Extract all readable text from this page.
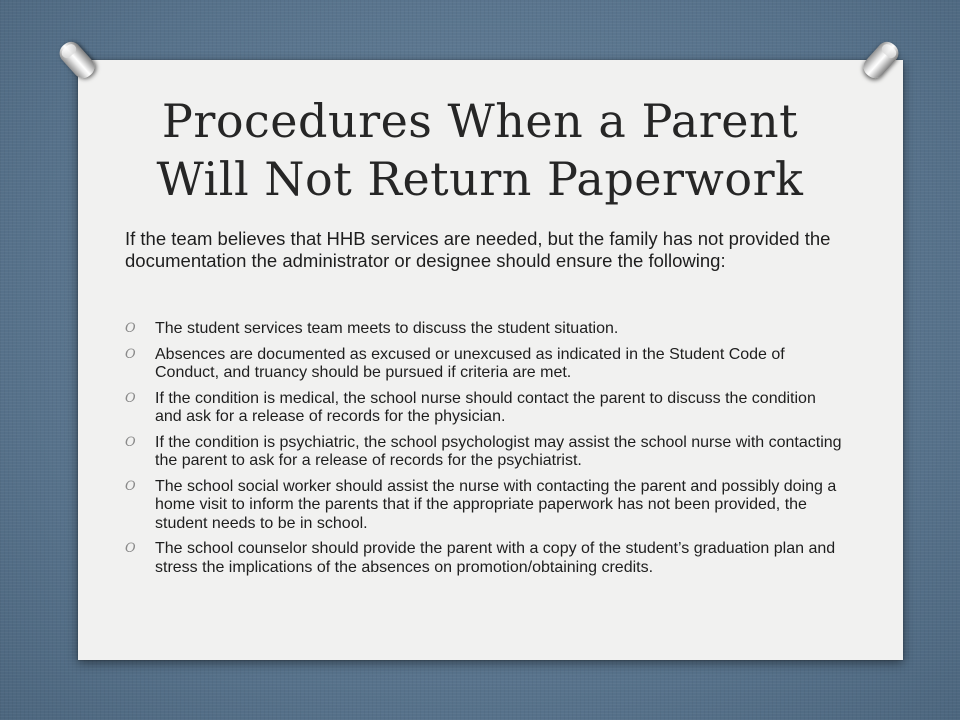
Procedures When a Parent
Will Not Return Paperwork

If the team believes that HHB services are needed, but the family has not provided the documentation the administrator or designee should ensure the following:

O The student services team meets to discuss the student situation.
O Absences are documented as excused or unexcused as indicated in the Student Code of Conduct, and truancy should be pursued if criteria are met.
O If the condition is medical, the school nurse should contact the parent to discuss the condition and ask for a release of records for the physician.
O If the condition is psychiatric, the school psychologist may assist the school nurse with contacting the parent to ask for a release of records for the psychiatrist.
O The school social worker should assist the nurse with contacting the parent and possibly doing a home visit to inform the parents that if the appropriate paperwork has not been provided, the student needs to be in school.
O The school counselor should provide the parent with a copy of the student’s graduation plan and stress the implications of the absences on promotion/obtaining credits.
